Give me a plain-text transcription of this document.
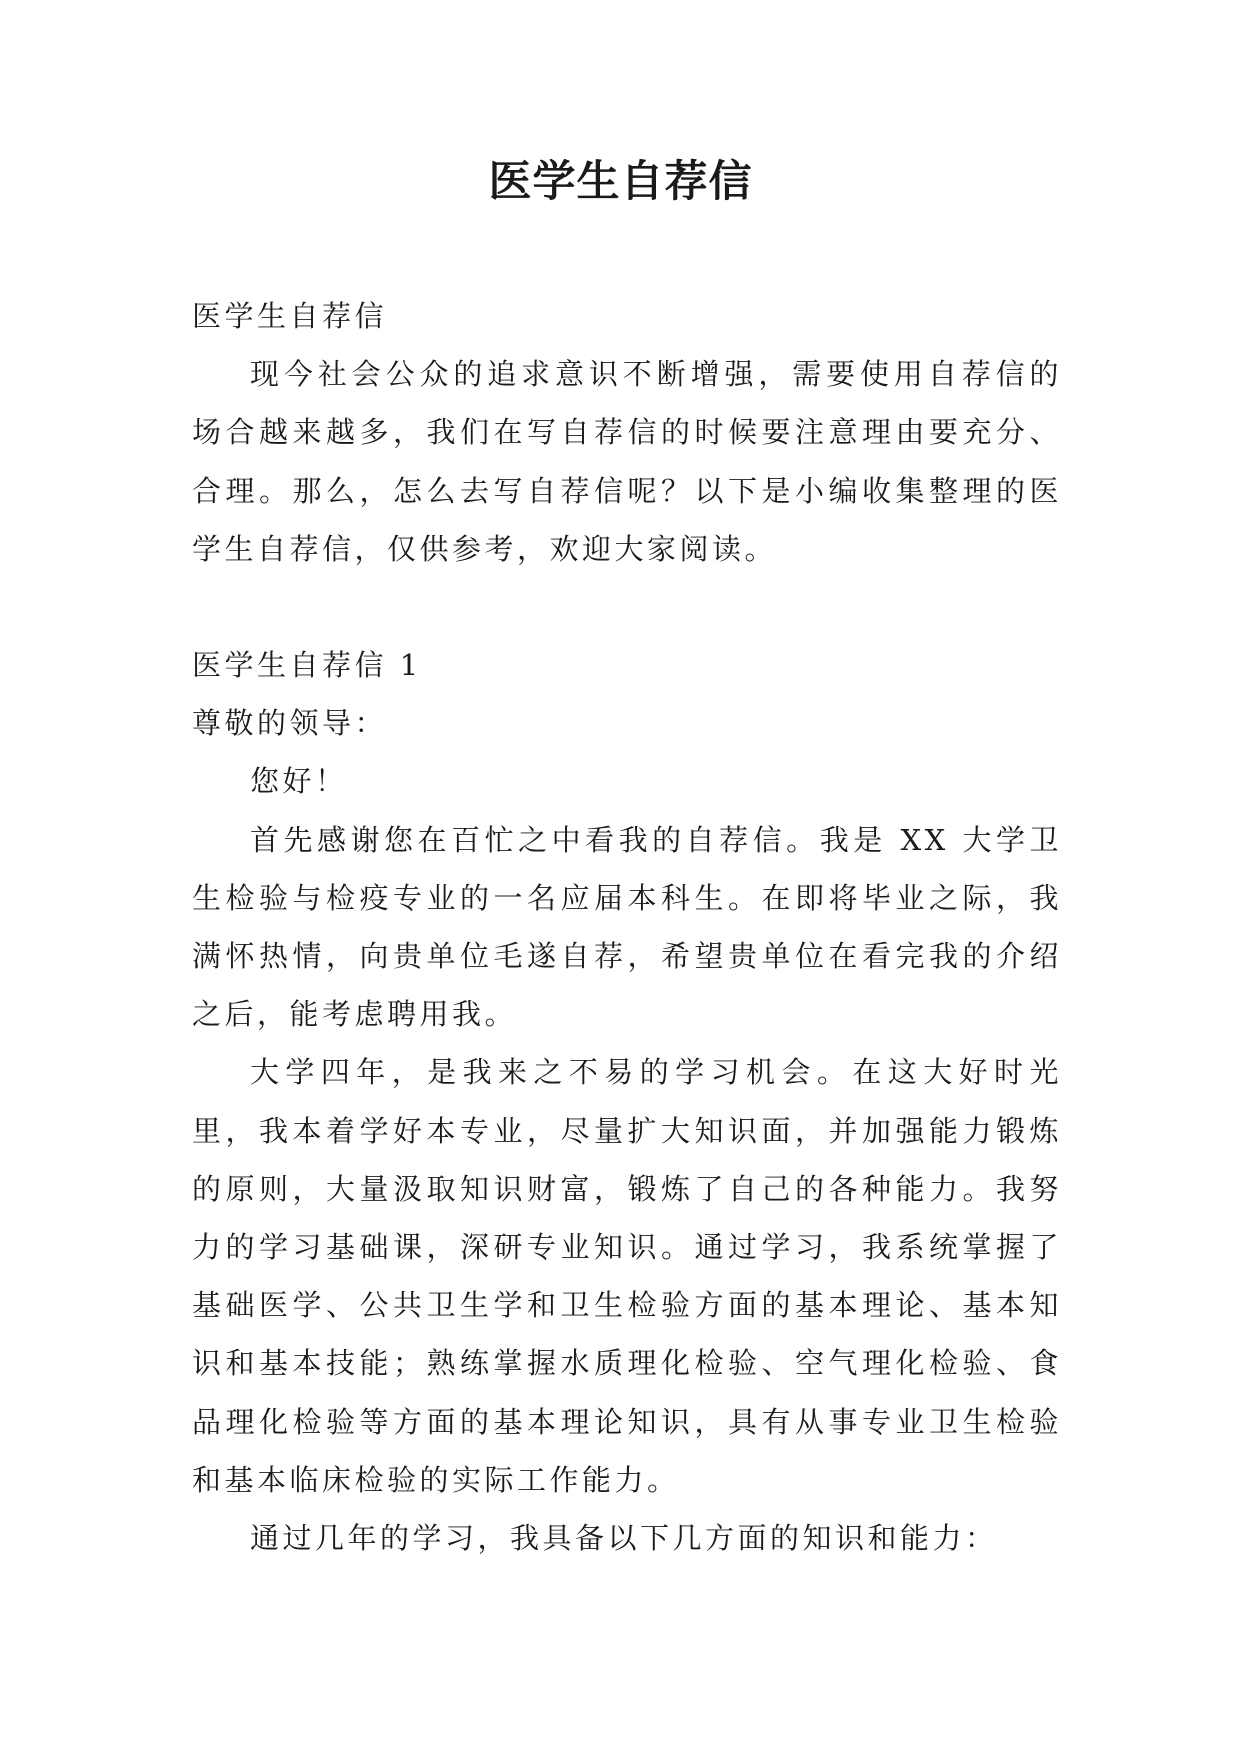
医学生自荐信

医学生自荐信

现今社会公众的追求意识不断增强，需要使用自荐信的场合越来越多，我们在写自荐信的时候要注意理由要充分、合理。那么，怎么去写自荐信呢？以下是小编收集整理的医学生自荐信，仅供参考，欢迎大家阅读。

医学生自荐信 1

尊敬的领导：

您好！

首先感谢您在百忙之中看我的自荐信。我是 XX 大学卫生检验与检疫专业的一名应届本科生。在即将毕业之际，我满怀热情，向贵单位毛遂自荐，希望贵单位在看完我的介绍之后，能考虑聘用我。

大学四年，是我来之不易的学习机会。在这大好时光里，我本着学好本专业，尽量扩大知识面，并加强能力锻炼的原则，大量汲取知识财富，锻炼了自己的各种能力。我努力的学习基础课，深研专业知识。通过学习，我系统掌握了基础医学、公共卫生学和卫生检验方面的基本理论、基本知识和基本技能；熟练掌握水质理化检验、空气理化检验、食品理化检验等方面的基本理论知识，具有从事专业卫生检验和基本临床检验的实际工作能力。

通过几年的学习，我具备以下几方面的知识和能力：
